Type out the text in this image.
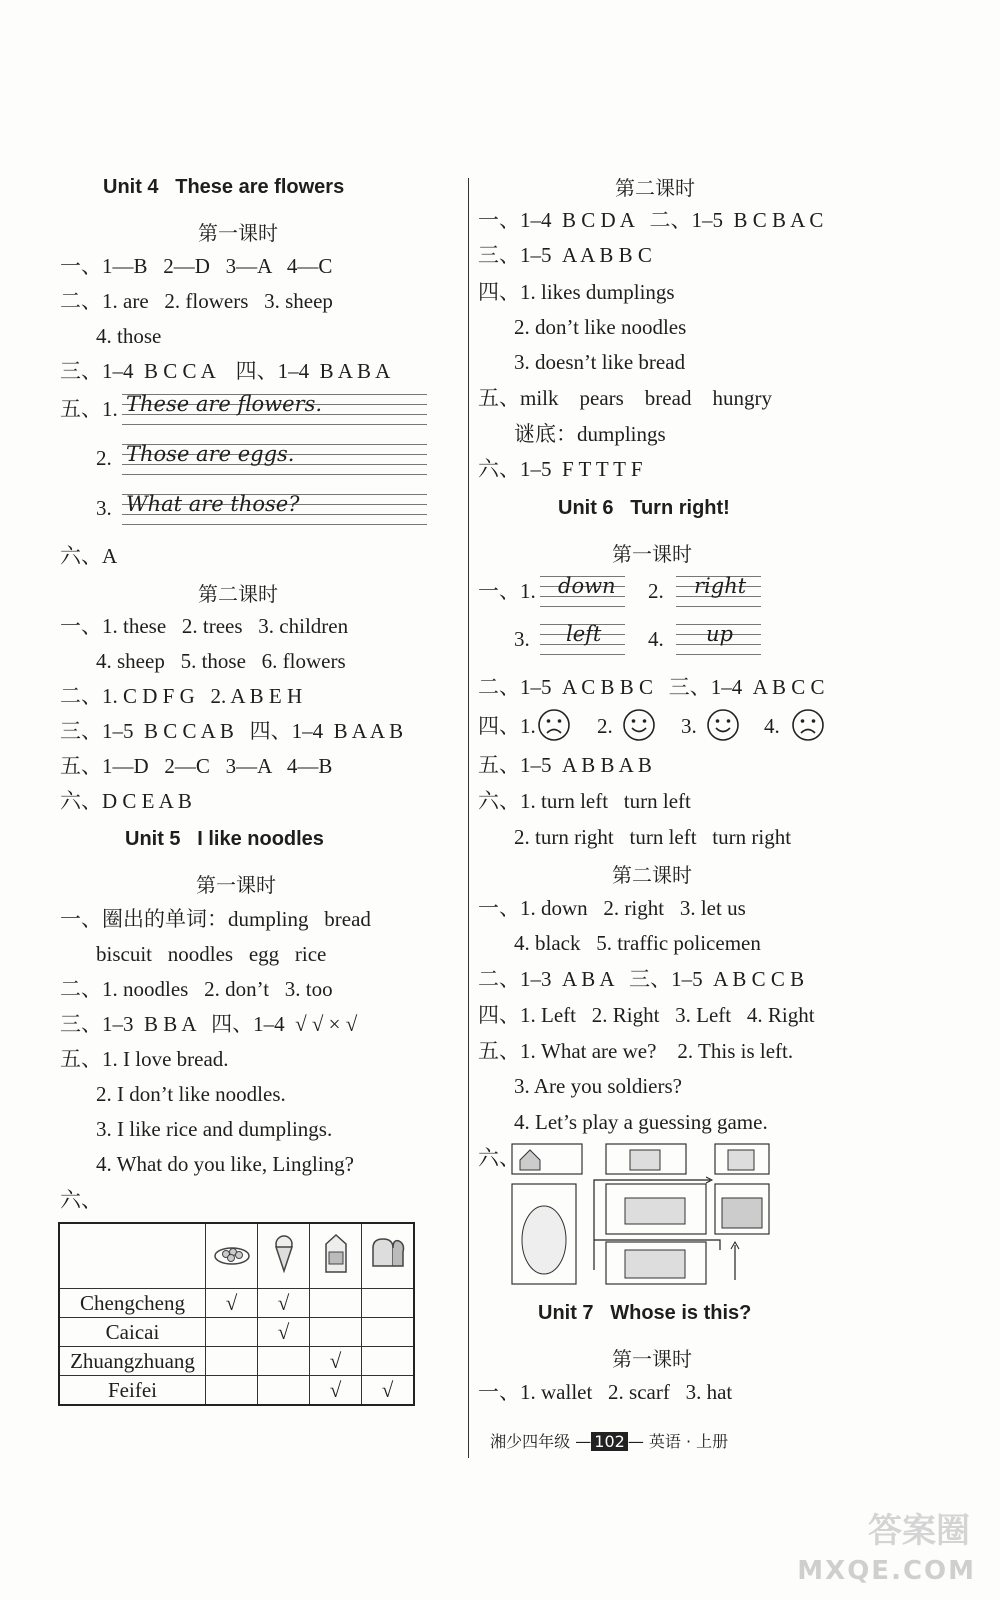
Unit 4   These are flowers
第一课时
一、1—B   2—D   3—A   4—C
二、1. are   2. flowers   3. sheep
4. those
三、1–4  B C C A    四、1–4  B A B A
五、1. These are flowers.
2. Those are eggs.
3. What are those?
六、A
第二课时
一、1. these   2. trees   3. children
4. sheep   5. those   6. flowers
二、1. C D F G   2. A B E H
三、1–5  B C C A B   四、1–4  B A A B
五、1—D   2—C   3—A   4—B
六、D C E A B
Unit 5   I like noodles
第一课时
一、圈出的单词：dumpling   bread
biscuit   noodles   egg   rice
二、1. noodles   2. don’t   3. too
三、1–3  B B A   四、1–4  √ √ × √
五、1. I love bread.
2. I don’t like noodles.
3. I like rice and dumplings.
4. What do you like, Lingling?
六、

Chengcheng	√	√		
Caicai		√		
Zhuangzhuang			√	
Feifei			√	√
第二课时
一、1–4  B C D A   二、1–5  B C B A C
三、1–5  A A B B C
四、1. likes dumplings
2. don’t like noodles
3. doesn’t like bread
五、milk    pears    bread    hungry
谜底：dumplings
六、1–5  F T T T F
Unit 6   Turn right!
第一课时
一、1. down 2. right
3. left 4. up
二、1–5  A C B B C   三、1–4  A B C C
四、1.	2.	3.	4.
五、1–5  A B B A B
六、1. turn left   turn left
2. turn right   turn left   turn right
第二课时
一、1. down   2. right   3. let us
4. black   5. traffic policemen
二、1–3  A B A   三、1–5  A B C C B
四、1. Left   2. Right   3. Left   4. Right
五、1. What are we?    2. This is left.
3. Are you soldiers?
4. Let’s play a guessing game.
六、
Unit 7   Whose is this?
第一课时
一、1. wallet   2. scarf   3. hat

湘少四年级 — 102 — 英语 · 上册

答案圈
MXQE.COM
